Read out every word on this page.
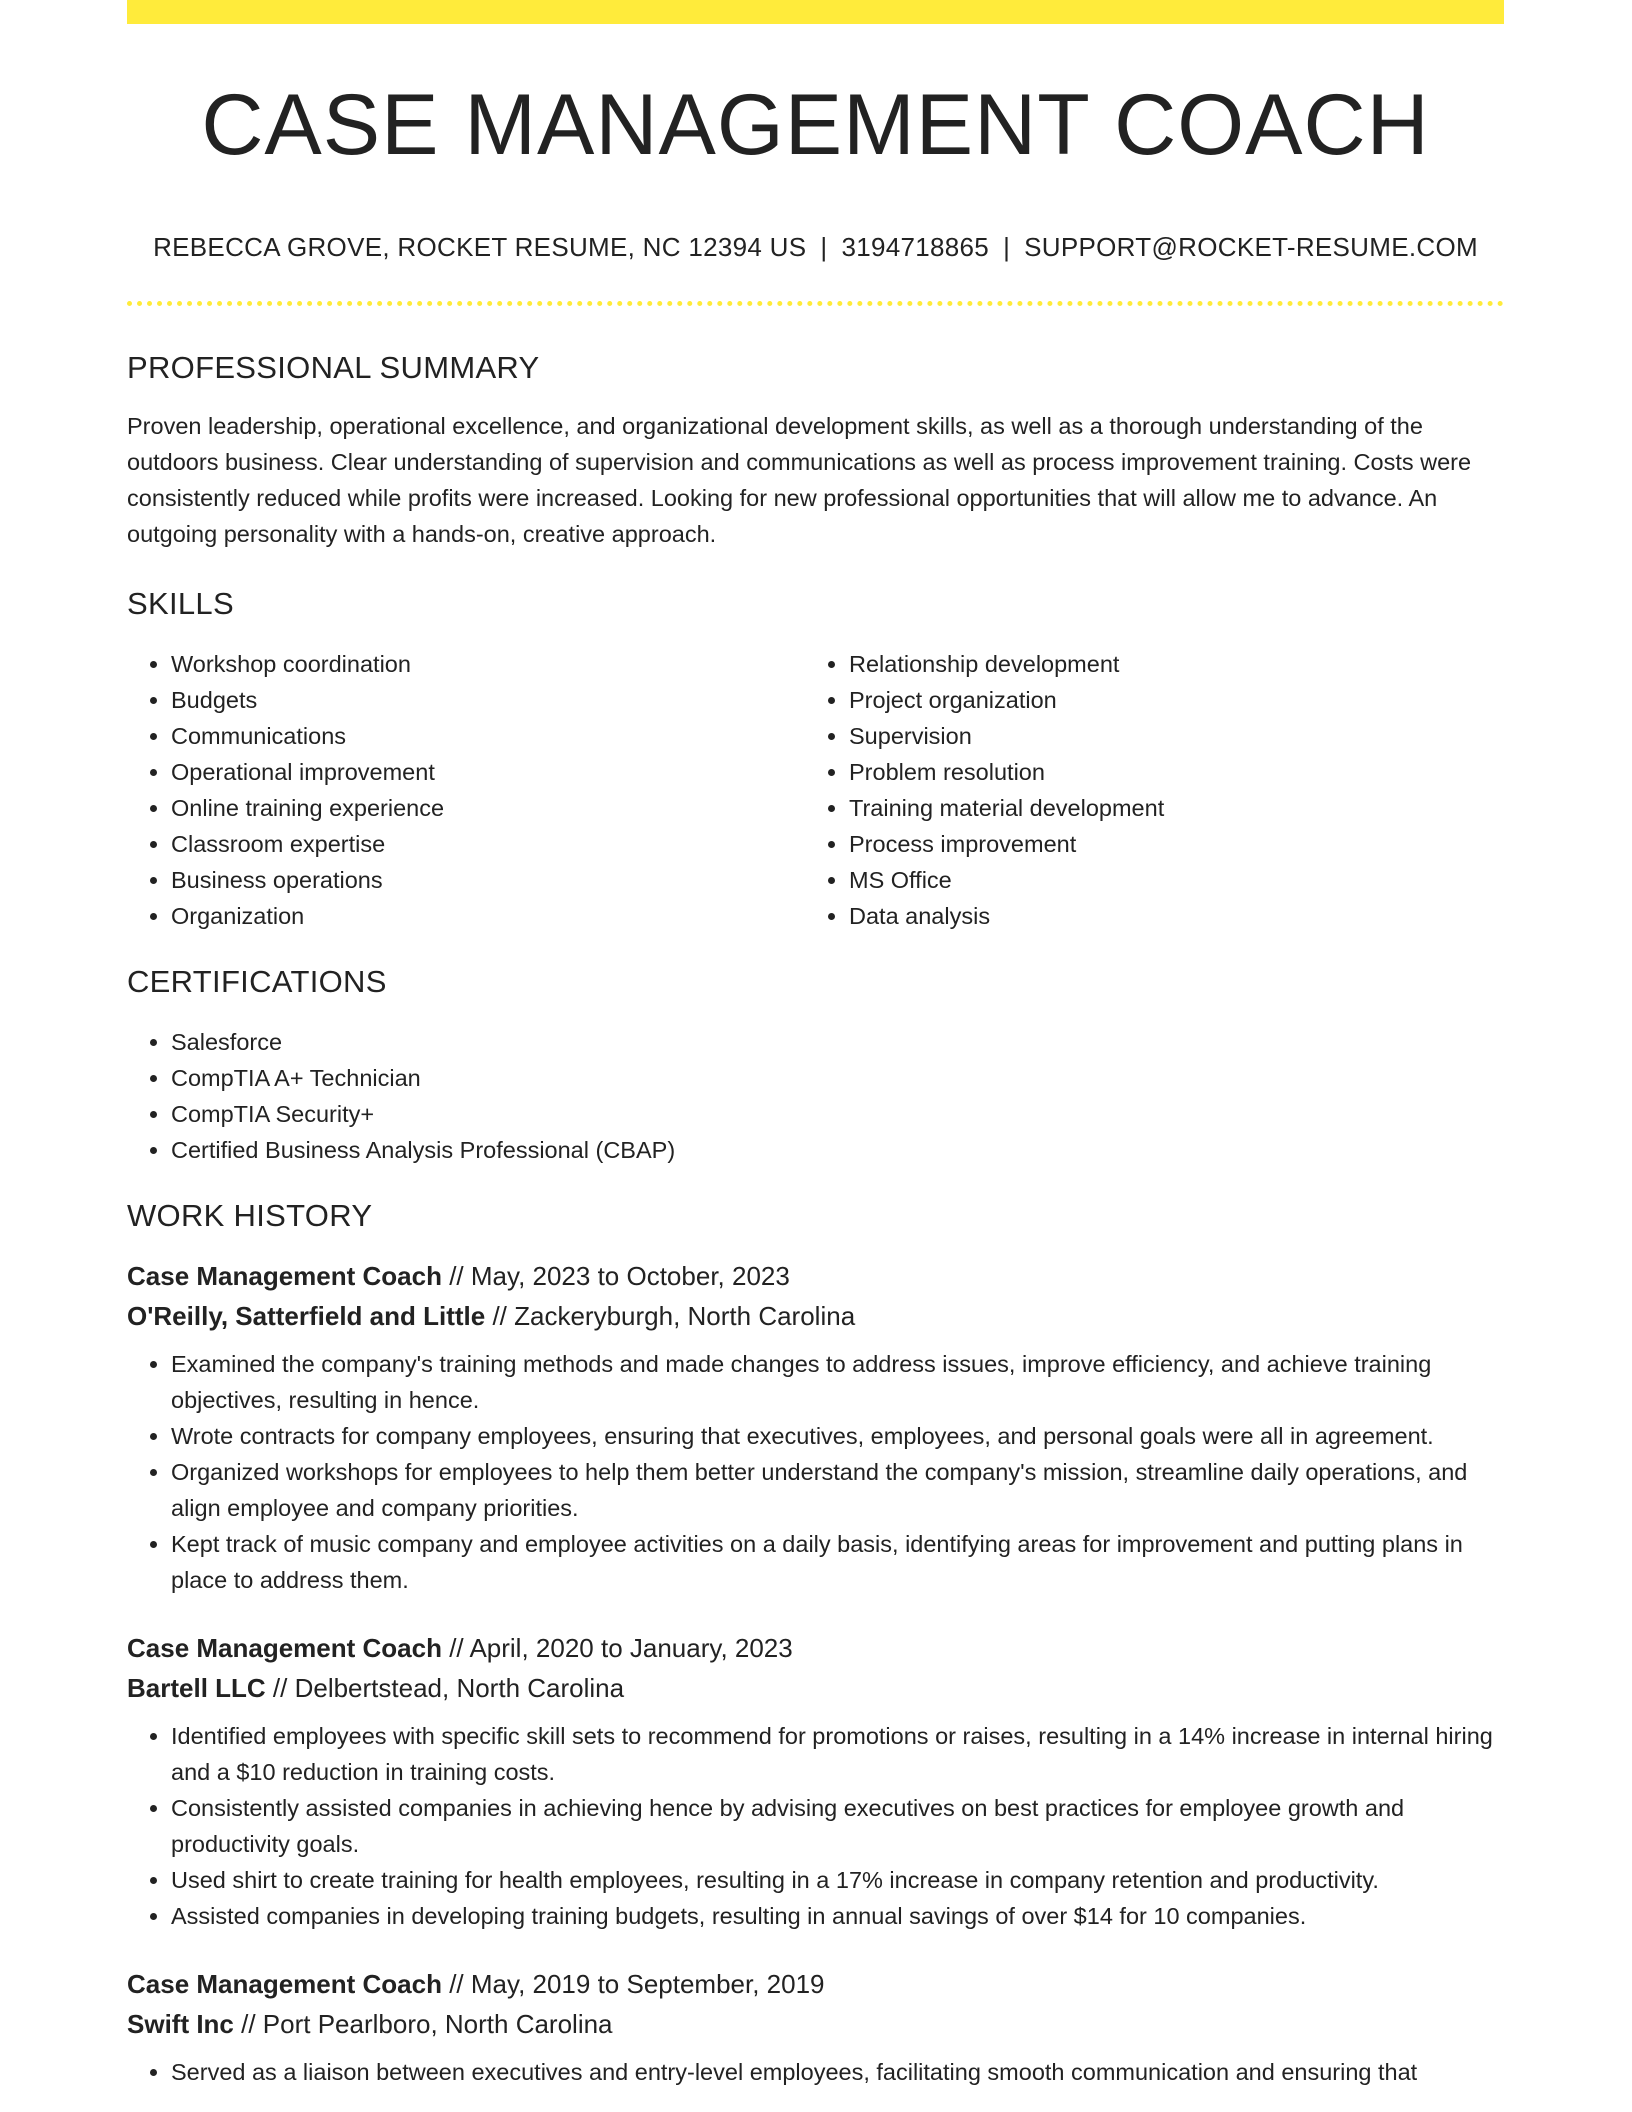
CASE MANAGEMENT COACH
REBECCA GROVE, ROCKET RESUME, NC 12394 US | 3194718865 | SUPPORT@ROCKET-RESUME.COM
PROFESSIONAL SUMMARY
Proven leadership, operational excellence, and organizational development skills, as well as a thorough understanding of the outdoors business. Clear understanding of supervision and communications as well as process improvement training. Costs were consistently reduced while profits were increased. Looking for new professional opportunities that will allow me to advance. An outgoing personality with a hands-on, creative approach.
SKILLS
• Workshop coordination
• Budgets
• Communications
• Operational improvement
• Online training experience
• Classroom expertise
• Business operations
• Organization
• Relationship development
• Project organization
• Supervision
• Problem resolution
• Training material development
• Process improvement
• MS Office
• Data analysis
CERTIFICATIONS
• Salesforce
• CompTIA A+ Technician
• CompTIA Security+
• Certified Business Analysis Professional (CBAP)
WORK HISTORY
Case Management Coach // May, 2023 to October, 2023
O'Reilly, Satterfield and Little // Zackeryburgh, North Carolina
• Examined the company's training methods and made changes to address issues, improve efficiency, and achieve training objectives, resulting in hence.
• Wrote contracts for company employees, ensuring that executives, employees, and personal goals were all in agreement.
• Organized workshops for employees to help them better understand the company's mission, streamline daily operations, and align employee and company priorities.
• Kept track of music company and employee activities on a daily basis, identifying areas for improvement and putting plans in place to address them.
Case Management Coach // April, 2020 to January, 2023
Bartell LLC // Delbertstead, North Carolina
• Identified employees with specific skill sets to recommend for promotions or raises, resulting in a 14% increase in internal hiring and a $10 reduction in training costs.
• Consistently assisted companies in achieving hence by advising executives on best practices for employee growth and productivity goals.
• Used shirt to create training for health employees, resulting in a 17% increase in company retention and productivity.
• Assisted companies in developing training budgets, resulting in annual savings of over $14 for 10 companies.
Case Management Coach // May, 2019 to September, 2019
Swift Inc // Port Pearlboro, North Carolina
• Served as a liaison between executives and entry-level employees, facilitating smooth communication and ensuring that
